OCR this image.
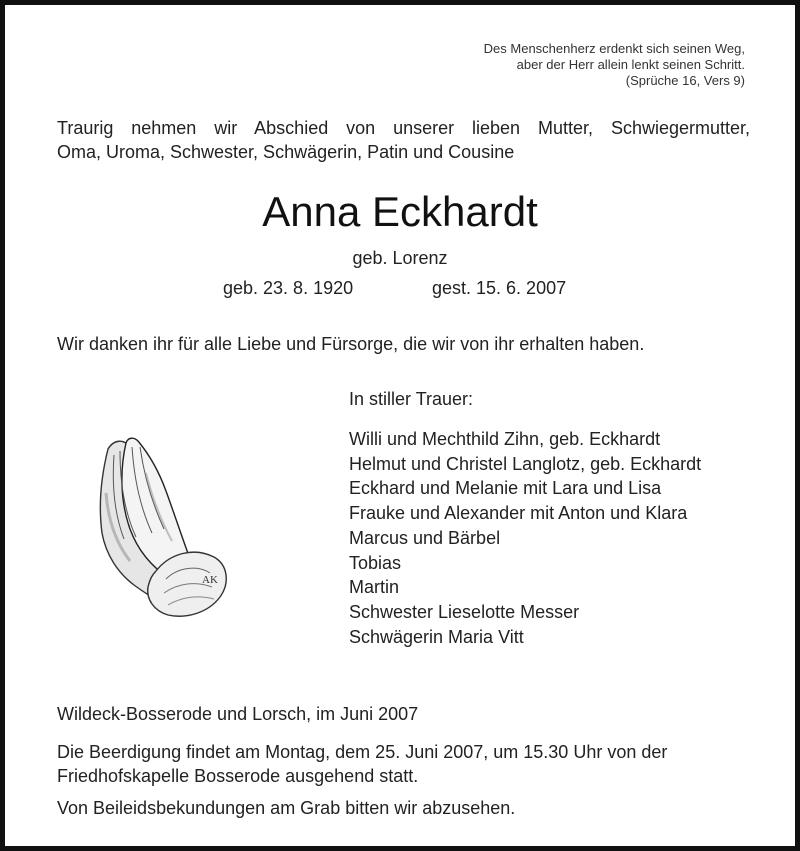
Des Menschenherz erdenkt sich seinen Weg,
aber der Herr allein lenkt seinen Schritt.
(Sprüche 16, Vers 9)
Traurig nehmen wir Abschied von unserer lieben Mutter, Schwiegermutter,
Oma, Uroma, Schwester, Schwägerin, Patin und Cousine
Anna Eckhardt
geb. Lorenz
geb. 23. 8. 1920	gest. 15. 6. 2007
Wir danken ihr für alle Liebe und Fürsorge, die wir von ihr erhalten haben.
In stiller Trauer:
Willi und Mechthild Zihn, geb. Eckhardt
Helmut und Christel Langlotz, geb. Eckhardt
Eckhard und Melanie mit Lara und Lisa
Frauke und Alexander mit Anton und Klara
Marcus und Bärbel
Tobias
Martin
Schwester Lieselotte Messer
Schwägerin Maria Vitt
AK
Wildeck-Bosserode und Lorsch, im Juni 2007
Die Beerdigung findet am Montag, dem 25. Juni 2007, um 15.30 Uhr von der
Friedhofskapelle Bosserode ausgehend statt.
Von Beileidsbekundungen am Grab bitten wir abzusehen.
